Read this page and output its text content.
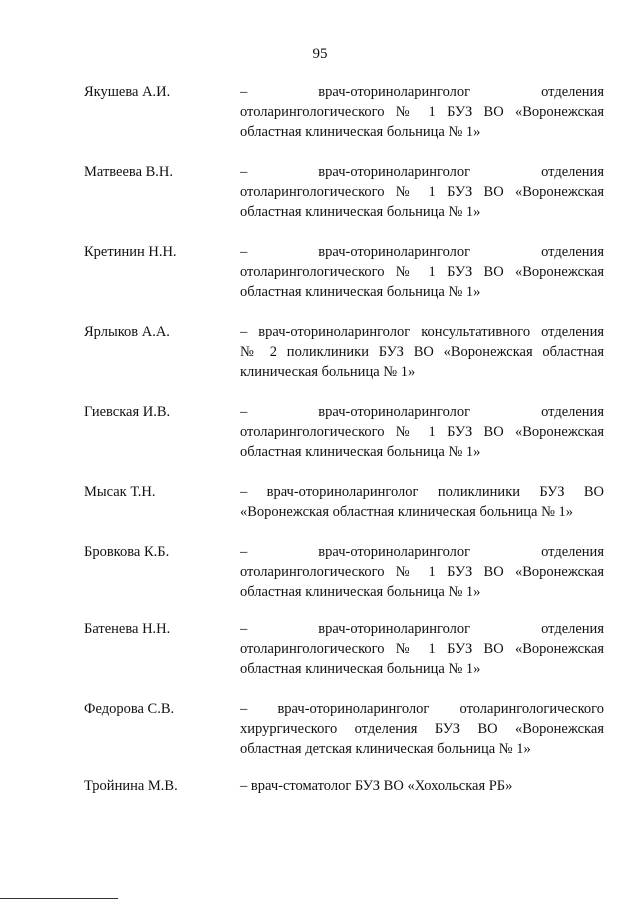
95
Якушева А.И.	– врач-оториноларинголог отделения
отоларингологического № 1 БУЗ ВО «Воронежская
областная клиническая больница № 1»
Матвеева В.Н.	– врач-оториноларинголог отделения
отоларингологического № 1 БУЗ ВО «Воронежская
областная клиническая больница № 1»
Кретинин Н.Н.	– врач-оториноларинголог отделения
отоларингологического № 1 БУЗ ВО «Воронежская
областная клиническая больница № 1»
Ярлыков А.А.	– врач-оториноларинголог консультативного отделения
№ 2 поликлиники БУЗ ВО «Воронежская областная
клиническая больница № 1»
Гиевская И.В.	– врач-оториноларинголог отделения
отоларингологического № 1 БУЗ ВО «Воронежская
областная клиническая больница № 1»
Мысак Т.Н.	– врач-оториноларинголог поликлиники БУЗ ВО
«Воронежская областная клиническая больница № 1»
Бровкова К.Б.	– врач-оториноларинголог отделения
отоларингологического № 1 БУЗ ВО «Воронежская
областная клиническая больница № 1»
Батенева Н.Н.	– врач-оториноларинголог отделения
отоларингологического № 1 БУЗ ВО «Воронежская
областная клиническая больница № 1»
Федорова С.В.	– врач-оториноларинголог отоларингологического
хирургического отделения БУЗ ВО «Воронежская
областная детская клиническая больница № 1»
Тройнина М.В.	– врач-стоматолог БУЗ ВО «Хохольская РБ»
